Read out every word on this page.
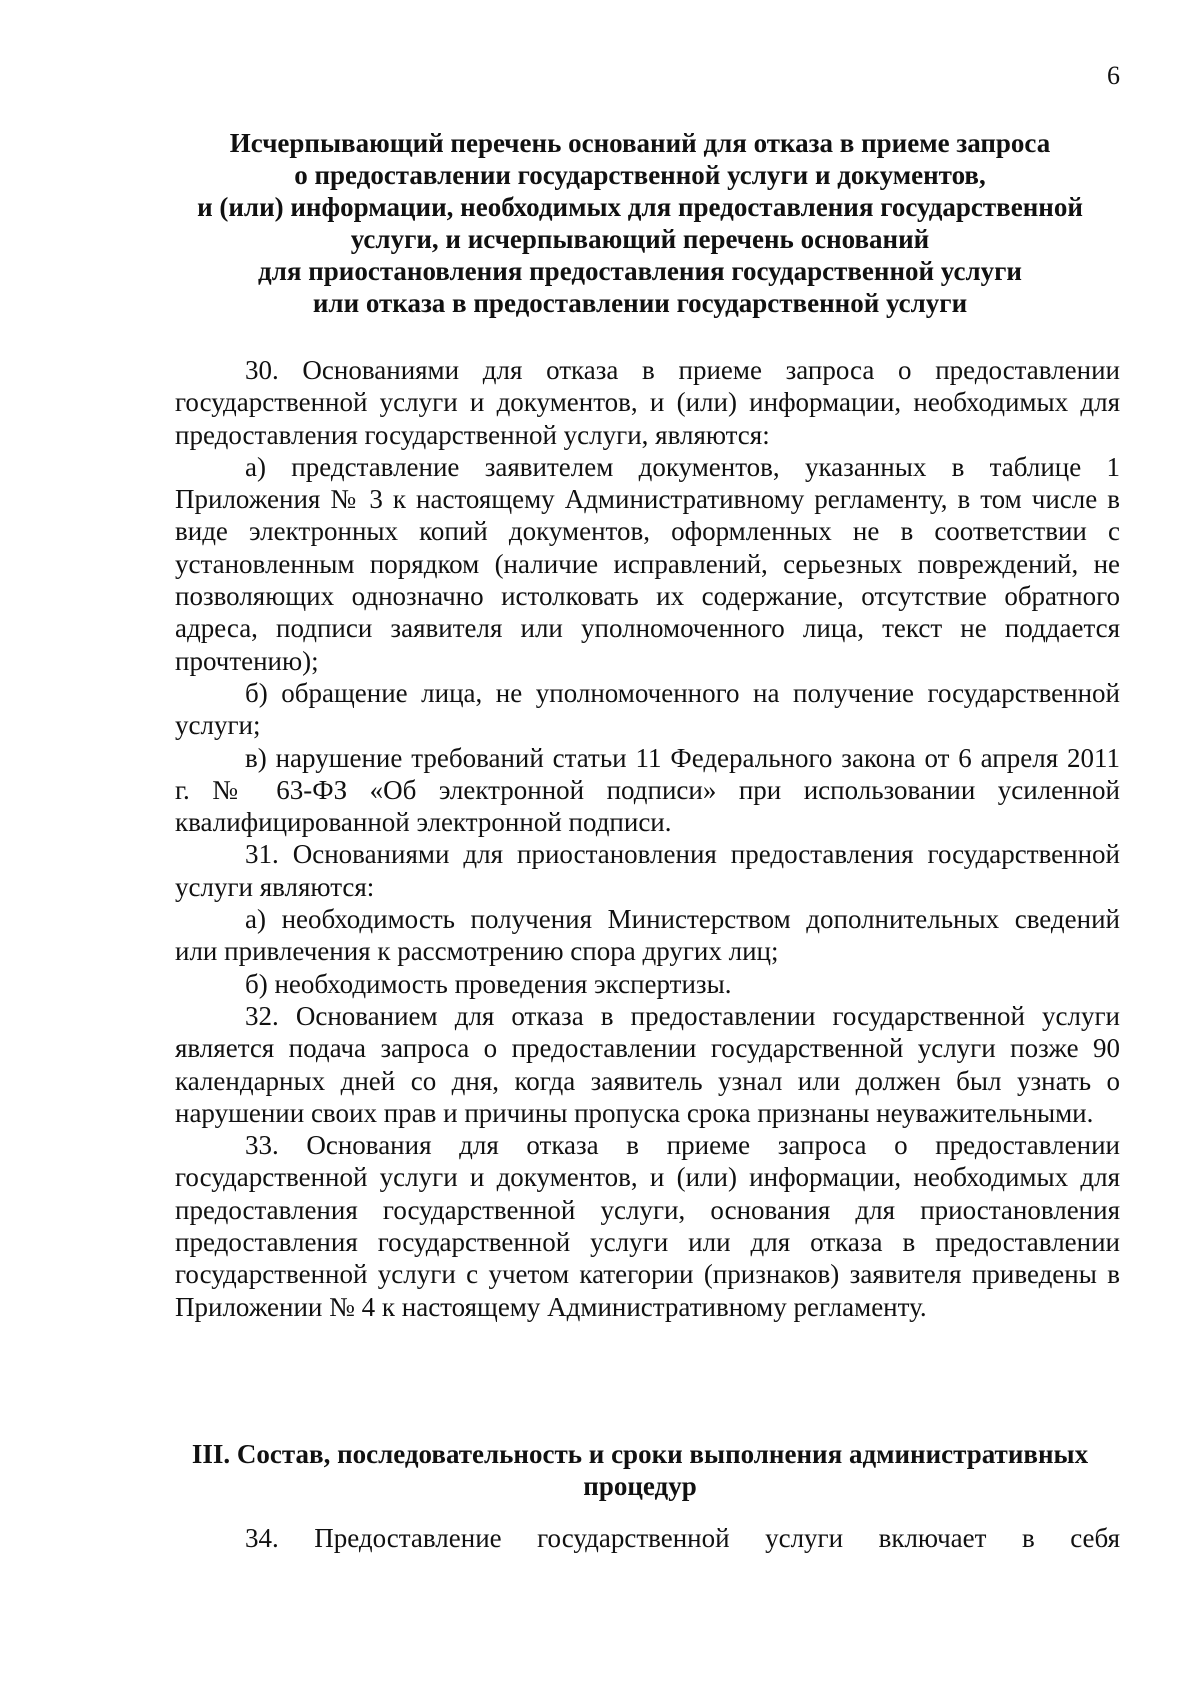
6
Исчерпывающий перечень оснований для отказа в приеме запроса
о предоставлении государственной услуги и документов,
и (или) информации, необходимых для предоставления государственной
услуги, и исчерпывающий перечень оснований
для приостановления предоставления государственной услуги
или отказа в предоставлении государственной услуги

30. Основаниями для отказа в приеме запроса о предоставлении государственной услуги и документов, и (или) информации, необходимых для предоставления государственной услуги, являются:

а) представление заявителем документов, указанных в таблице 1 Приложения № 3 к настоящему Административному регламенту, в том числе в виде электронных копий документов, оформленных не в соответствии с установленным порядком (наличие исправлений, серьезных повреждений, не позволяющих однозначно истолковать их содержание, отсутствие обратного адреса, подписи заявителя или уполномоченного лица, текст не поддается прочтению);

б) обращение лица, не уполномоченного на получение государственной услуги;

в) нарушение требований статьи 11 Федерального закона от 6 апреля 2011 г. № 63-ФЗ «Об электронной подписи» при использовании усиленной квалифицированной электронной подписи.

31. Основаниями для приостановления предоставления государственной услуги являются:

а) необходимость получения Министерством дополнительных сведений или привлечения к рассмотрению спора других лиц;

б) необходимость проведения экспертизы.

32. Основанием для отказа в предоставлении государственной услуги является подача запроса о предоставлении государственной услуги позже 90 календарных дней со дня, когда заявитель узнал или должен был узнать о нарушении своих прав и причины пропуска срока признаны неуважительными.

33. Основания для отказа в приеме запроса о предоставлении государственной услуги и документов, и (или) информации, необходимых для предоставления государственной услуги, основания для приостановления предоставления государственной услуги или для отказа в предоставлении государственной услуги с учетом категории (признаков) заявителя приведены в Приложении № 4 к настоящему Административному регламенту.

III. Состав, последовательность и сроки выполнения административных
процедур

34. Предоставление государственной услуги включает в себя
